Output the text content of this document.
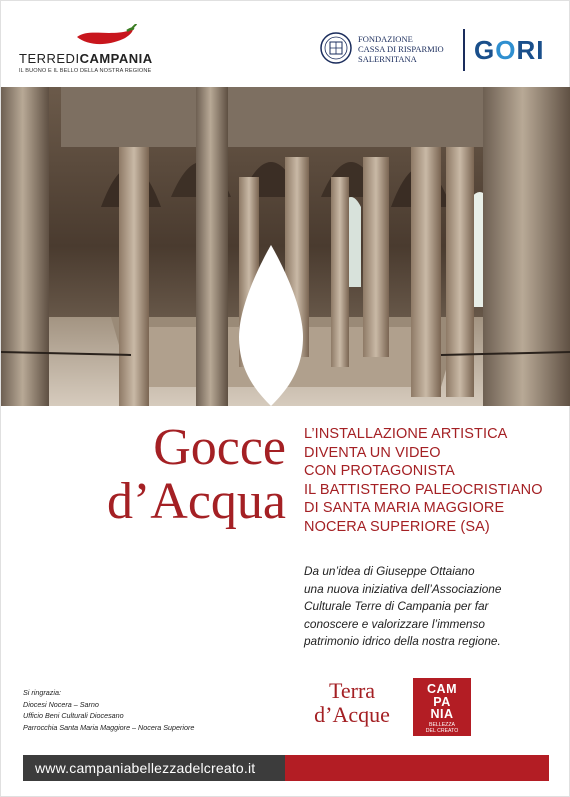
TERREDICAMPANIA
IL BUONO E IL BELLO DELLA NOSTRA REGIONE
FONDAZIONE
CASSA DI RISPARMIO
SALERNITANA	GORI
Gocce
d’Acqua
L’INSTALLAZIONE ARTISTICA
DIVENTA UN VIDEO
CON PROTAGONISTA
IL BATTISTERO PALEOCRISTIANO
DI SANTA MARIA MAGGIORE
NOCERA SUPERIORE (SA)
Da un’idea di Giuseppe Ottaiano
una nuova iniziativa dell’Associazione
Culturale Terre di Campania per far
conoscere e valorizzare l’immenso
patrimonio idrico della nostra regione.
Si ringrazia:
Diocesi Nocera – Sarno
Ufficio Beni Culturali Diocesano
Parrocchia Santa Maria Maggiore – Nocera Superiore
Terra
d’Acque
CAM
PA
NIA
BELLEZZA
DEL CREATO
www.campaniabellezzadelcreato.it
